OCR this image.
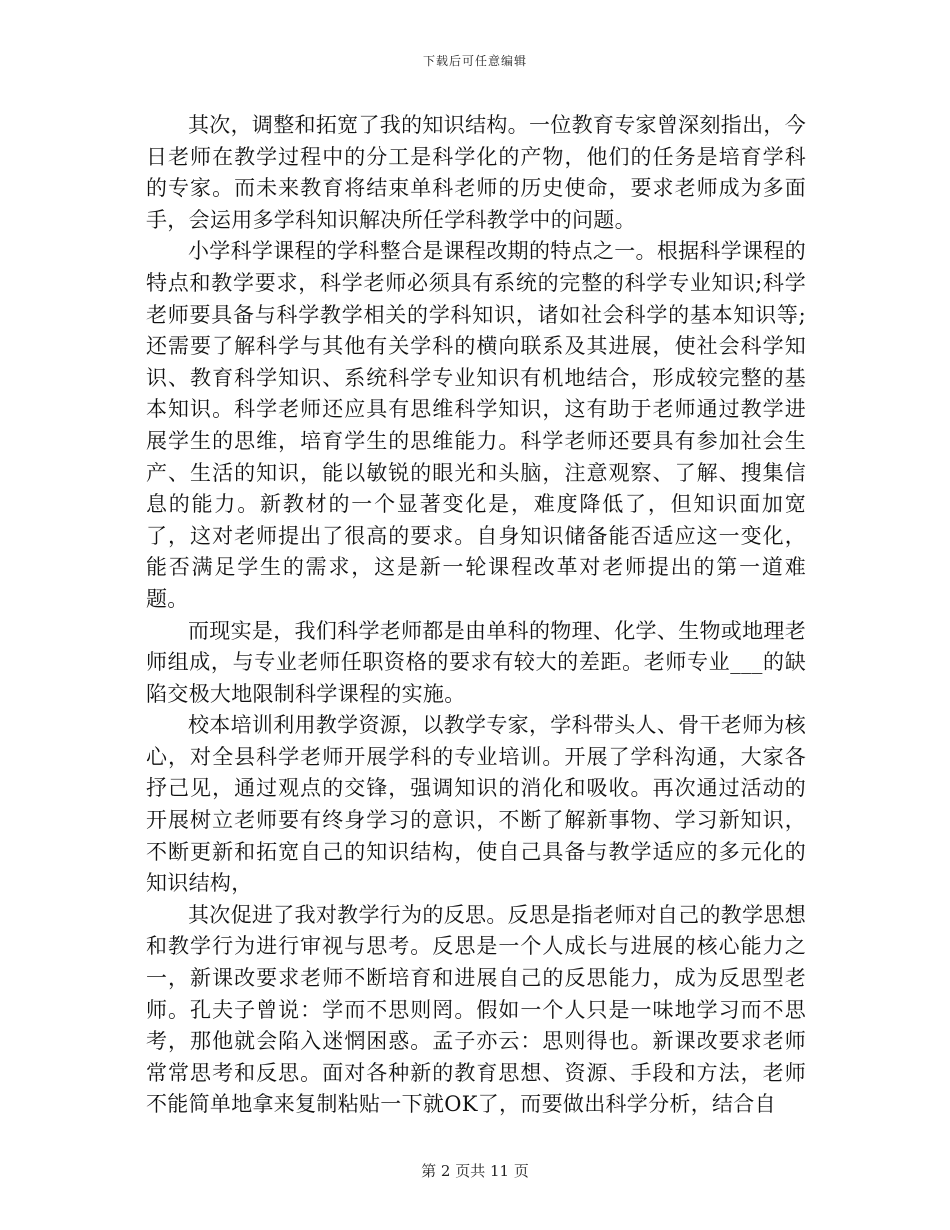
下载后可任意编辑

其次，调整和拓宽了我的知识结构。一位教育专家曾深刻指出，今日老师在教学过程中的分工是科学化的产物，他们的任务是培育学科的专家。而未来教育将结束单科老师的历史使命，要求老师成为多面手，会运用多学科知识解决所任学科教学中的问题。

小学科学课程的学科整合是课程改期的特点之一。根据科学课程的特点和教学要求，科学老师必须具有系统的完整的科学专业知识;科学老师要具备与科学教学相关的学科知识，诸如社会科学的基本知识等;还需要了解科学与其他有关学科的横向联系及其进展，使社会科学知识、教育科学知识、系统科学专业知识有机地结合，形成较完整的基本知识。科学老师还应具有思维科学知识，这有助于老师通过教学进展学生的思维，培育学生的思维能力。科学老师还要具有参加社会生产、生活的知识，能以敏锐的眼光和头脑，注意观察、了解、搜集信息的能力。新教材的一个显著变化是，难度降低了，但知识面加宽了，这对老师提出了很高的要求。自身知识储备能否适应这一变化，能否满足学生的需求，这是新一轮课程改革对老师提出的第一道难题。

而现实是，我们科学老师都是由单科的物理、化学、生物或地理老师组成，与专业老师任职资格的要求有较大的差距。老师专业___的缺陷交极大地限制科学课程的实施。

校本培训利用教学资源，以教学专家，学科带头人、骨干老师为核心，对全县科学老师开展学科的专业培训。开展了学科沟通，大家各抒己见，通过观点的交锋，强调知识的消化和吸收。再次通过活动的开展树立老师要有终身学习的意识，不断了解新事物、学习新知识，不断更新和拓宽自己的知识结构，使自己具备与教学适应的多元化的知识结构，

其次促进了我对教学行为的反思。反思是指老师对自己的教学思想和教学行为进行审视与思考。反思是一个人成长与进展的核心能力之一，新课改要求老师不断培育和进展自己的反思能力，成为反思型老师。孔夫子曾说：学而不思则罔。假如一个人只是一味地学习而不思考，那他就会陷入迷惘困惑。孟子亦云：思则得也。新课改要求老师常常思考和反思。面对各种新的教育思想、资源、手段和方法，老师不能简单地拿来复制粘贴一下就OK了，而要做出科学分析，结合自

第 2 页共 11 页
